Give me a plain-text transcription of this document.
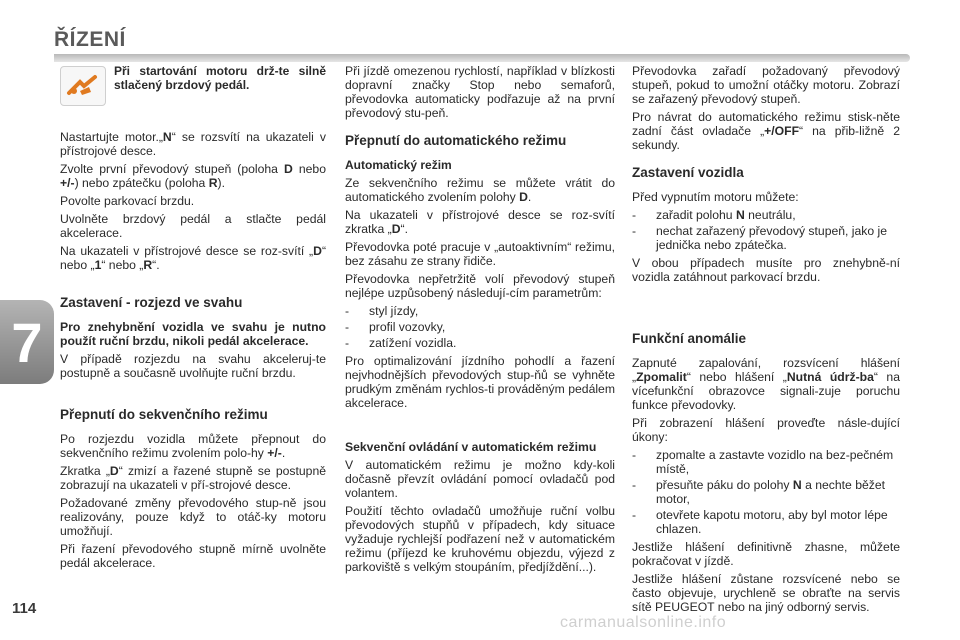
ŘÍZENÍ
7
114
Při startování motoru drž-te silně stlačený brzdový pedál.

Nastartujte motor.„N“ se rozsvítí na ukazateli v přístrojové desce.

Zvolte první převodový stupeň (poloha D nebo +/-) nebo zpátečku (poloha R).

Povolte parkovací brzdu.

Uvolněte brzdový pedál a stlačte pedál akcelerace.

Na ukazateli v přístrojové desce se roz-svítí „D“ nebo „1“ nebo „R“.

Zastavení - rozjezd ve svahu

Pro znehybnění vozidla ve svahu je nutno použít ruční brzdu, nikoli pedál akcelerace.

V případě rozjezdu na svahu akceleruj-te postupně a současně uvolňujte ruční brzdu.

Přepnutí do sekvenčního režimu

Po rozjezdu vozidla můžete přepnout do sekvenčního režimu zvolením polo-hy +/-.

Zkratka „D“ zmizí a řazené stupně se postupně zobrazují na ukazateli v pří-strojové desce.

Požadované změny převodového stup-ně jsou realizovány, pouze když to otáč-ky motoru umožňují.

Při řazení převodového stupně mírně uvolněte pedál akcelerace.

Při jízdě omezenou rychlostí, například v blízkosti dopravní značky Stop nebo semaforů, převodovka automaticky podřazuje až na první převodový stu-peň.

Přepnutí do automatického režimu
Automatický režim

Ze sekvenčního režimu se můžete vrátit do automatického zvolením polohy D.

Na ukazateli v přístrojové desce se roz-svítí zkratka „D“.

Převodovka poté pracuje v „autoaktivním“ režimu, bez zásahu ze strany řidiče.

Převodovka nepřetržitě volí převodový stupeň nejlépe uzpůsobený následují-cím parametrům:

-	styl jízdy,
-	profil vozovky,
-	zatížení vozidla.

Pro optimalizování jízdního pohodlí a řazení nejvhodnějších převodových stup-ňů se vyhněte prudkým změnám rychlos-ti prováděným pedálem akcelerace.

Sekvenční ovládání v automatickém režimu

V automatickém režimu je možno kdy-koli dočasně převzít ovládání pomocí ovladačů pod volantem.

Použití těchto ovladačů umožňuje ruční volbu převodových stupňů v případech, kdy situace vyžaduje rychlejší podřazení než v automatickém režimu (příjezd ke kruhovému objezdu, výjezd z parkoviště s velkým stoupáním, předjíždění...).

Převodovka zařadí požadovaný převodový stupeň, pokud to umožní otáčky motoru. Zobrazí se zařazený převodový stupeň.

Pro návrat do automatického režimu stisk-něte zadní část ovladače „+/OFF“ na přib-ližně 2 sekundy.

Zastavení vozidla

Před vypnutím motoru můžete:

-	zařadit polohu N neutrálu,
-	nechat zařazený převodový stupeň, jako je jednička nebo zpátečka.

V obou případech musíte pro znehybně-ní vozidla zatáhnout parkovací brzdu.

Funkční anomálie

Zapnuté zapalování, rozsvícení hlášení „Zpomalit“ nebo hlášení „Nutná údrž-ba“ na vícefunkční obrazovce signali-zuje poruchu funkce převodovky.

Při zobrazení hlášení proveďte násle-dující úkony:

-	zpomalte a zastavte vozidlo na bez-pečném místě,
-	přesuňte páku do polohy N a nechte běžet motor,
-	otevřete kapotu motoru, aby byl motor lépe chlazen.

Jestliže hlášení definitivně zhasne, můžete pokračovat v jízdě.

Jestliže hlášení zůstane rozsvícené nebo se často objevuje, urychleně se obraťte na servis sítě PEUGEOT nebo na jiný odborný servis.

carmanualsonline.info
